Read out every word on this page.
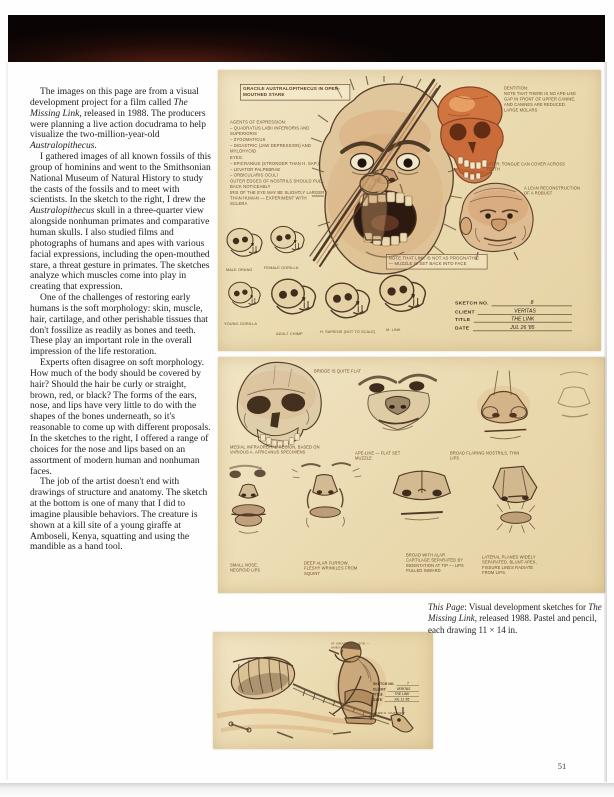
The images on this page are from a visual development project for a film called The Missing Link, released in 1988. The producers were planning a live action docudrama to help visualize the two-million-year-old Australopithecus.

I gathered images of all known fossils of this group of hominins and went to the Smithsonian National Museum of Natural History to study the casts of the fossils and to meet with scientists. In the sketch to the right, I drew the Australopithecus skull in a three-quarter view alongside nonhuman primates and comparative human skulls. I also studied films and photographs of humans and apes with various facial expressions, including the open-mouthed stare, a threat gesture in primates. The sketches analyze which muscles come into play in creating that expression.

One of the challenges of restoring early humans is the soft morphology: skin, muscle, hair, cartilage, and other perishable tissues that don't fossilize as readily as bones and teeth. These play an important role in the overall impression of the life restoration.

Experts often disagree on soft morphology. How much of the body should be covered by hair? Should the hair be curly or straight, brown, red, or black? The forms of the ears, nose, and lips have very little to do with the shapes of the bones underneath, so it's reasonable to come up with different proposals. In the sketches to the right, I offered a range of choices for the nose and lips based on an assortment of modern human and nonhuman faces.

The job of the artist doesn't end with drawings of structure and anatomy. The sketch at the bottom is one of many that I did to imagine plausible behaviors. The creature is shown at a kill site of a young giraffe at Amboseli, Kenya, squatting and using the mandible as a hand tool.

GRACILE AUSTRALOPITHECUS IN OPEN-MOUTHED STARE
AGENTS OF EXPRESSION:
– QUADRATUS LABII INFERIORIS AND SUPERIORIS
– ZYGOMATICUS
– DIGASTRIC (JAW DEPRESSION) AND MYLOHYOID
EYES:
– EPICRANIUS (STRONGER THAN H. SAP.)
– LEVATOR PALPEBRAE
– ORBICULARIS OCULI
OUTER EDGES OF NOSTRILS SHOULD PULL BACK NOTICEABLY
IRIS OF THE EYE MAY BE SLIGHTLY LARGER THAN HUMAN — EXPERIMENT WITH SCLERA
DENTITION:
NOTE THAT THERE IS NO APE-LIKE GAP IN FRONT OF UPPER CANINE, AND CANINES ARE REDUCED.
LARGE MOLARS
LATER: TONGUE CAN COVER ACROSS TEETH
A LEAN RECONSTRUCTION OF A ROBUST
NOTE THAT LINK IS NOT AS PROGNATHIC — MUZZLE IS SET BACK INTO FACE
MALE ORANG	FEMALE GORILLA
YOUNG GORILLA
ADULT CHIMP	H. SAPIENS (NOT TO SCALE)	M. LINK
SKETCH NO.	8
CLIENT	VERITAS
TITLE	THE LINK
DATE	JUL 26 '85
BRIDGE IS QUITE FLAT
MEDIAL INFRAORBITAL REGION, BASED ON VARIOUS A. AFRICANUS SPECIMENS	APE-LIKE — FLAT SET MUZZLE
BROAD FLARING NOSTRILS, THIN LIPS
SMALL NOSE, NEGROID LIPS
DEEP ALAR FURROW, FLESHY WRINKLES FROM SQUINT
BROAD WITH ALAR CARTILAGE SEPARATED BY INDENTATION AT TIP — LIPS PULLED INWARD
LATERAL PLANES WIDELY SEPARATED, BLUNT APEX, FISSURE LINES RADIATE FROM LIPS.
AT GIRAFFE KILL SITE — AMBOSELI, KENYA
SKETCH NO.	7
CLIENT	VERITAS
TITLE	THE LINK
DATE	JUL 11 '85
JAMES GURNEY
This Page: Visual development sketches for The Missing Link, released 1988. Pastel and pencil, each drawing 11 × 14 in.
51
